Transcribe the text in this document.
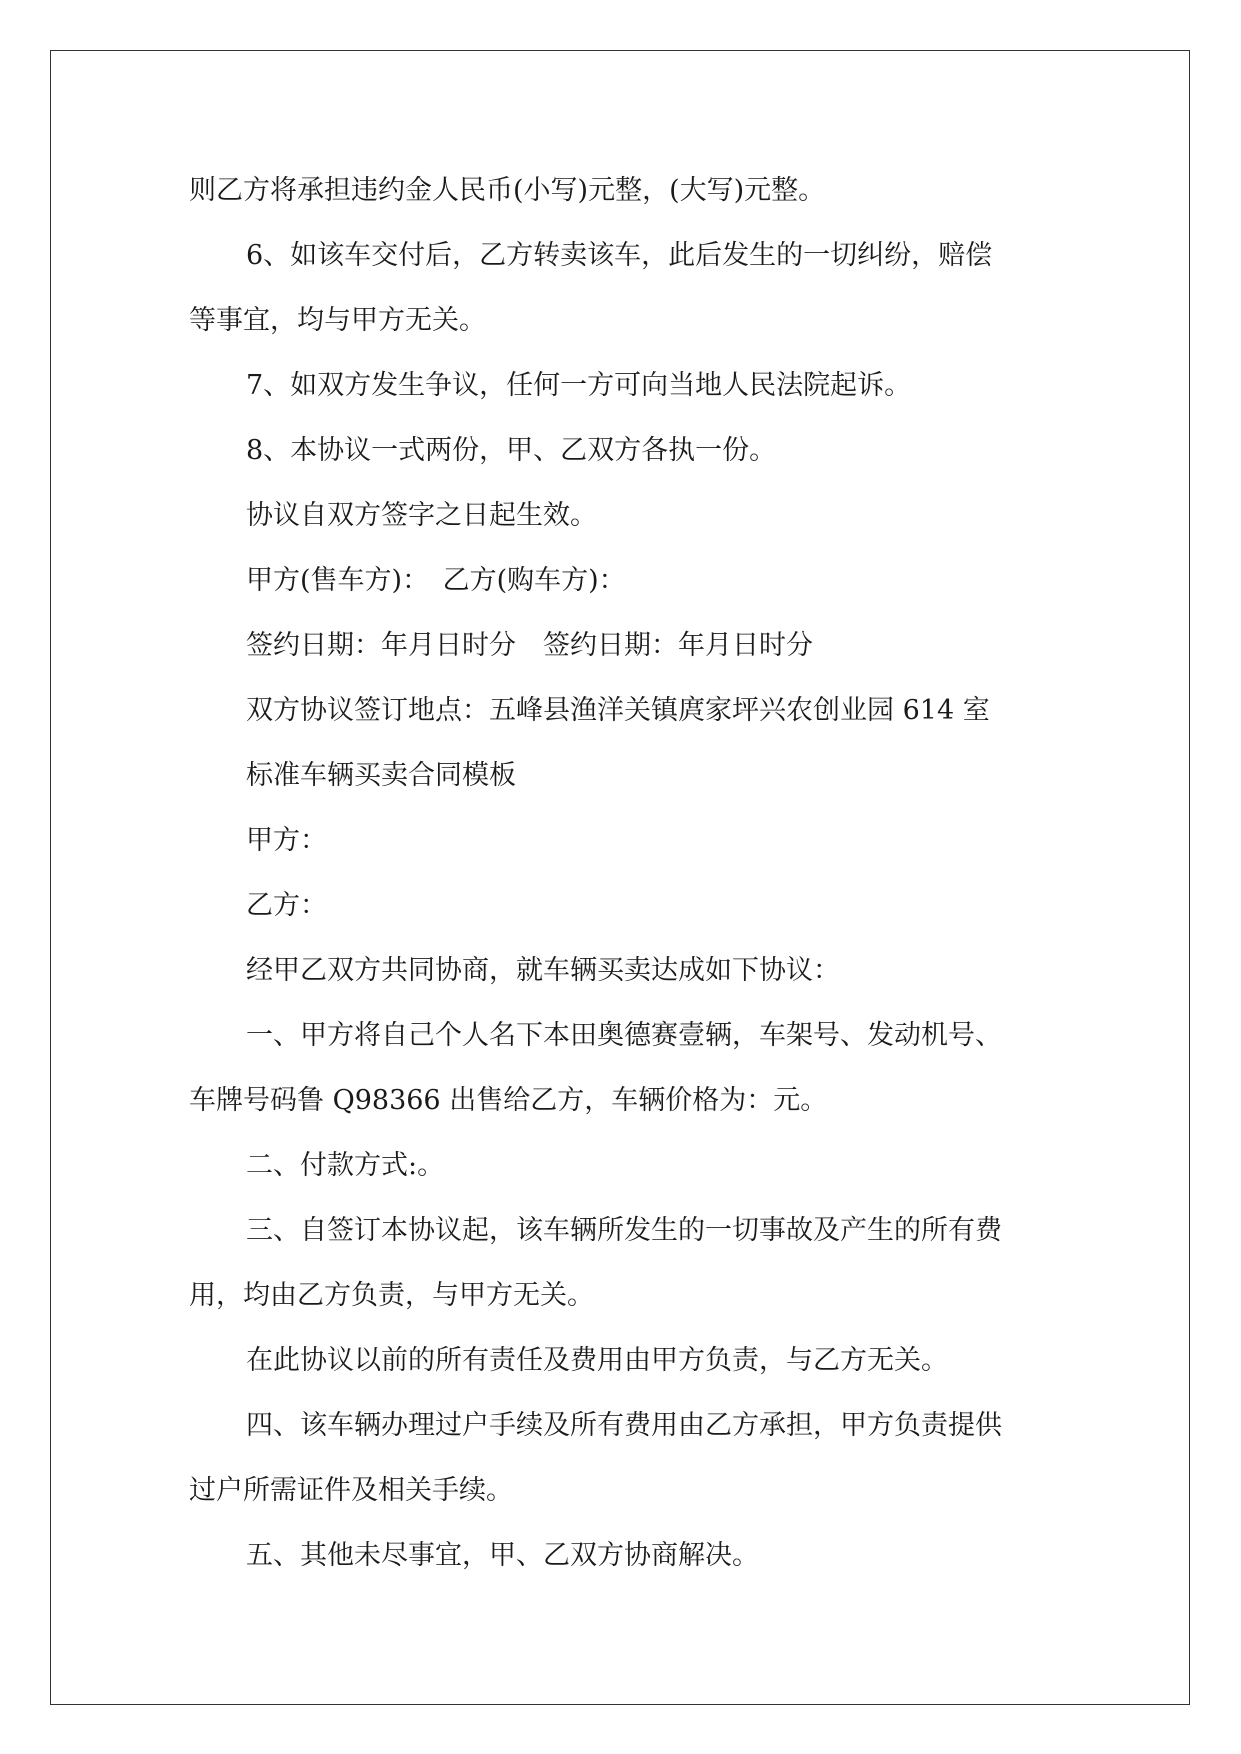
则乙方将承担违约金人民币(小写)元整，(大写)元整。

6、如该车交付后，乙方转卖该车，此后发生的一切纠纷，赔偿

等事宜，均与甲方无关。

7、如双方发生争议，任何一方可向当地人民法院起诉。

8、本协议一式两份，甲、乙双方各执一份。

协议自双方签字之日起生效。

甲方(售车方)：　乙方(购车方)：

签约日期：年月日时分　签约日期：年月日时分

双方协议签订地点：五峰县渔洋关镇庹家坪兴农创业园 614 室

标准车辆买卖合同模板

甲方：

乙方：

经甲乙双方共同协商，就车辆买卖达成如下协议：

一、甲方将自己个人名下本田奥德赛壹辆，车架号、发动机号、

车牌号码鲁 Q98366 出售给乙方，车辆价格为：元。

二、付款方式:。

三、自签订本协议起，该车辆所发生的一切事故及产生的所有费

用，均由乙方负责，与甲方无关。

在此协议以前的所有责任及费用由甲方负责，与乙方无关。

四、该车辆办理过户手续及所有费用由乙方承担，甲方负责提供

过户所需证件及相关手续。

五、其他未尽事宜，甲、乙双方协商解决。
